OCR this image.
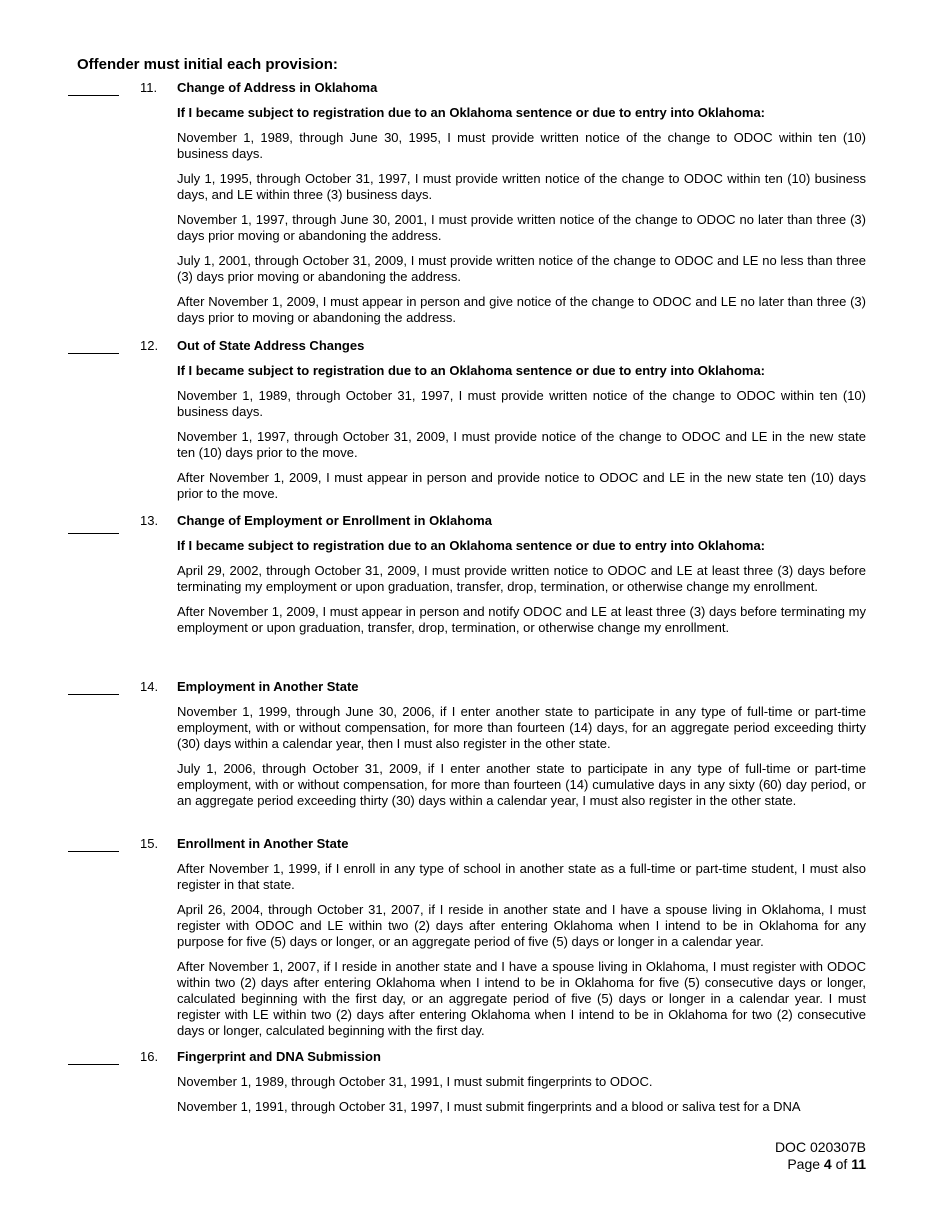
Offender must initial each provision:
11. Change of Address in Oklahoma
If I became subject to registration due to an Oklahoma sentence or due to entry into Oklahoma:
November 1, 1989, through June 30, 1995, I must provide written notice of the change to ODOC within ten (10) business days.
July 1, 1995, through October 31, 1997, I must provide written notice of the change to ODOC within ten (10) business days, and LE within three (3) business days.
November 1, 1997, through June 30, 2001, I must provide written notice of the change to ODOC no later than three (3) days prior moving or abandoning the address.
July 1, 2001, through October 31, 2009, I must provide written notice of the change to ODOC and LE no less than three (3) days prior moving or abandoning the address.
After November 1, 2009, I must appear in person and give notice of the change to ODOC and LE no later than three (3) days prior to moving or abandoning the address.
12. Out of State Address Changes
If I became subject to registration due to an Oklahoma sentence or due to entry into Oklahoma:
November 1, 1989, through October 31, 1997, I must provide written notice of the change to ODOC within ten (10) business days.
November 1, 1997, through October 31, 2009, I must provide notice of the change to ODOC and LE in the new state ten (10) days prior to the move.
After November 1, 2009, I must appear in person and provide notice to ODOC and LE in the new state ten (10) days prior to the move.
13. Change of Employment or Enrollment in Oklahoma
If I became subject to registration due to an Oklahoma sentence or due to entry into Oklahoma:
April 29, 2002, through October 31, 2009, I must provide written notice to ODOC and LE at least three (3) days before terminating my employment or upon graduation, transfer, drop, termination, or otherwise change my enrollment.
After November 1, 2009, I must appear in person and notify ODOC and LE at least three (3) days before terminating my employment or upon graduation, transfer, drop, termination, or otherwise change my enrollment.
14. Employment in Another State
November 1, 1999, through June 30, 2006, if I enter another state to participate in any type of full-time or part-time employment, with or without compensation, for more than fourteen (14) days, for an aggregate period exceeding thirty (30) days within a calendar year, then I must also register in the other state.
July 1, 2006, through October 31, 2009, if I enter another state to participate in any type of full-time or part-time employment, with or without compensation, for more than fourteen (14) cumulative days in any sixty (60) day period, or an aggregate period exceeding thirty (30) days within a calendar year, I must also register in the other state.
15. Enrollment in Another State
After November 1, 1999, if I enroll in any type of school in another state as a full-time or part-time student, I must also register in that state.
April 26, 2004, through October 31, 2007, if I reside in another state and I have a spouse living in Oklahoma, I must register with ODOC and LE within two (2) days after entering Oklahoma when I intend to be in Oklahoma for any purpose for five (5) days or longer, or an aggregate period of five (5) days or longer in a calendar year.
After November 1, 2007, if I reside in another state and I have a spouse living in Oklahoma, I must register with ODOC within two (2) days after entering Oklahoma when I intend to be in Oklahoma for five (5) consecutive days or longer, calculated beginning with the first day, or an aggregate period of five (5) days or longer in a calendar year. I must register with LE within two (2) days after entering Oklahoma when I intend to be in Oklahoma for two (2) consecutive days or longer, calculated beginning with the first day.
16. Fingerprint and DNA Submission
November 1, 1989, through October 31, 1991, I must submit fingerprints to ODOC.
November 1, 1991, through October 31, 1997, I must submit fingerprints and a blood or saliva test for a DNA
DOC 020307B
Page 4 of 11
